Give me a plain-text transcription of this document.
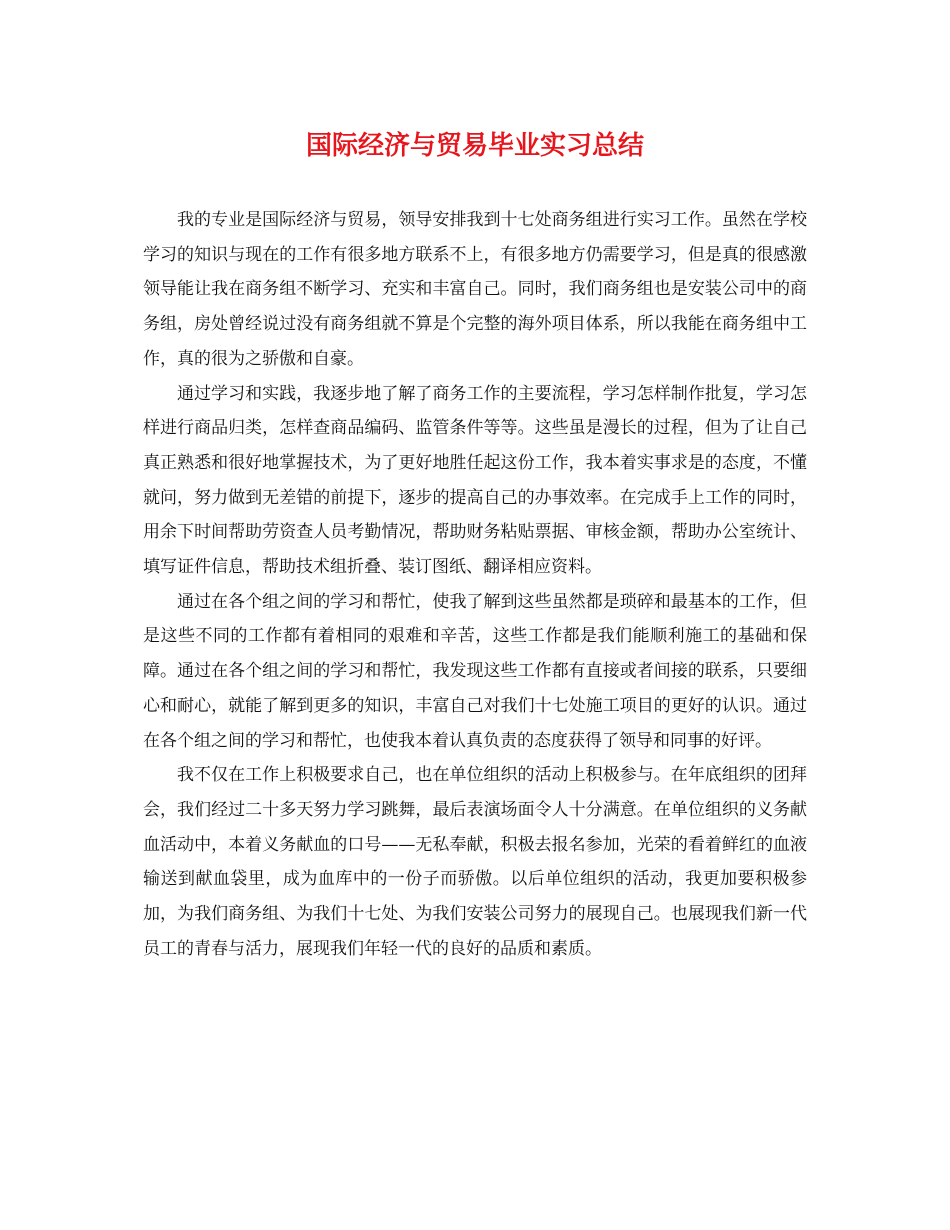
国际经济与贸易毕业实习总结

我的专业是国际经济与贸易，领导安排我到十七处商务组进行实习工作。虽然在学校学习的知识与现在的工作有很多地方联系不上，有很多地方仍需要学习，但是真的很感激领导能让我在商务组不断学习、充实和丰富自己。同时，我们商务组也是安装公司中的商务组，房处曾经说过没有商务组就不算是个完整的海外项目体系，所以我能在商务组中工作，真的很为之骄傲和自豪。

通过学习和实践，我逐步地了解了商务工作的主要流程，学习怎样制作批复，学习怎样进行商品归类，怎样查商品编码、监管条件等等。这些虽是漫长的过程，但为了让自己真正熟悉和很好地掌握技术，为了更好地胜任起这份工作，我本着实事求是的态度，不懂就问，努力做到无差错的前提下，逐步的提高自己的办事效率。在完成手上工作的同时，用余下时间帮助劳资查人员考勤情况，帮助财务粘贴票据、审核金额，帮助办公室统计、填写证件信息，帮助技术组折叠、装订图纸、翻译相应资料。

通过在各个组之间的学习和帮忙，使我了解到这些虽然都是琐碎和最基本的工作，但是这些不同的工作都有着相同的艰难和辛苦，这些工作都是我们能顺利施工的基础和保障。通过在各个组之间的学习和帮忙，我发现这些工作都有直接或者间接的联系，只要细心和耐心，就能了解到更多的知识，丰富自己对我们十七处施工项目的更好的认识。通过在各个组之间的学习和帮忙，也使我本着认真负责的态度获得了领导和同事的好评。

我不仅在工作上积极要求自己，也在单位组织的活动上积极参与。在年底组织的团拜会，我们经过二十多天努力学习跳舞，最后表演场面令人十分满意。在单位组织的义务献血活动中，本着义务献血的口号——无私奉献，积极去报名参加，光荣的看着鲜红的血液输送到献血袋里，成为血库中的一份子而骄傲。以后单位组织的活动，我更加要积极参加，为我们商务组、为我们十七处、为我们安装公司努力的展现自己。也展现我们新一代员工的青春与活力，展现我们年轻一代的良好的品质和素质。
